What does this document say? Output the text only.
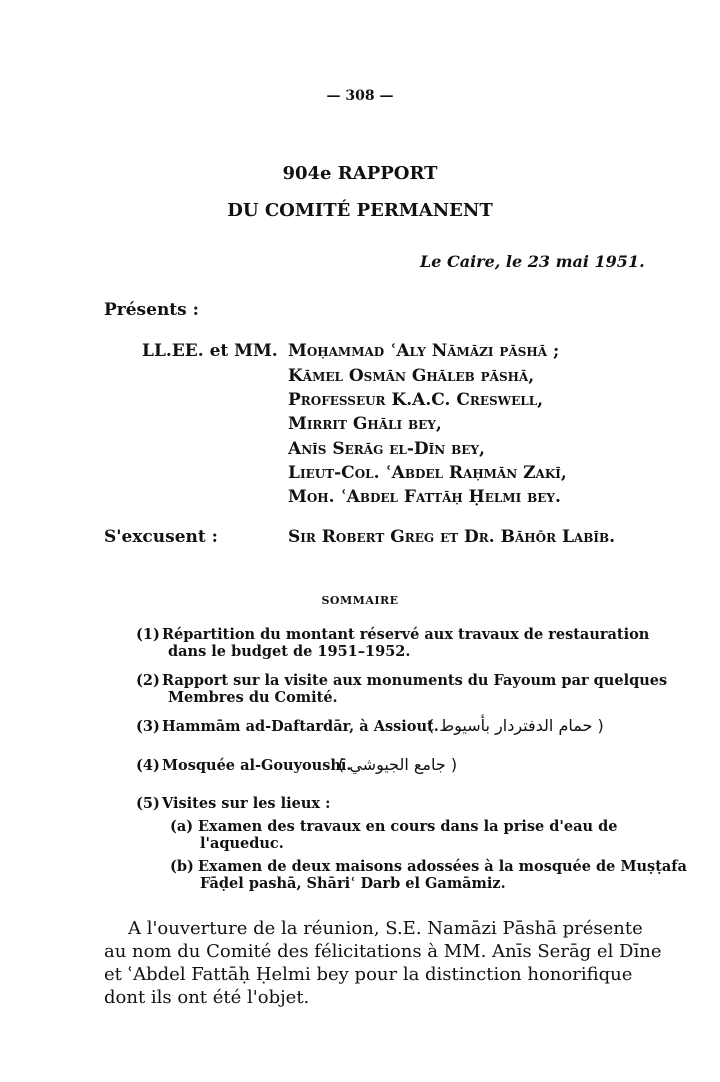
— 308 —
904e RAPPORT
DU COMITÉ PERMANENT
Le Caire, le 23 mai 1951.
Présents :
LL.EE. et MM. Moḥammad ʿAly Nāmāzi pāshā ;
Kāmel Osmān Ghāleb pāshā,
Professeur K.A.C. Creswell,
Mirrit Ghāli bey,
Anīs Serāg el-Dīn bey,
Lieut-Col. ʿAbdel Raḥmān Zakī,
Moh. ʿAbdel Fattāḥ Ḥelmi bey.
S'excusent :	Sir Robert Greg et Dr. Bāhōr Labīb.
SOMMAIRE
(1) Répartition du montant réservé aux travaux de restauration
dans le budget de 1951–1952.
(2) Rapport sur la visite aux monuments du Fayoum par quelques
Membres du Comité.
(3) Hammām ad-Daftardār, à Assiout.
( حمام الدفتردار بأسيوط )
(4) Mosquée al-Gouyoushī.
( جامع الجيوشي )
(5) Visites sur les lieux :
(a) Examen des travaux en cours dans la prise d'eau de
l'aqueduc.
(b) Examen de deux maisons adossées à la mosquée de Muṣṭafa
Fāḍel pashā, Shāriʿ Darb el Gamāmiz.
A l'ouverture de la réunion, S.E. Namāzi Pāshā présente
au nom du Comité des félicitations à MM. Anīs Serāg el Dīne
et ʿAbdel Fattāḥ Ḥelmi bey pour la distinction honorifique
dont ils ont été l'objet.
